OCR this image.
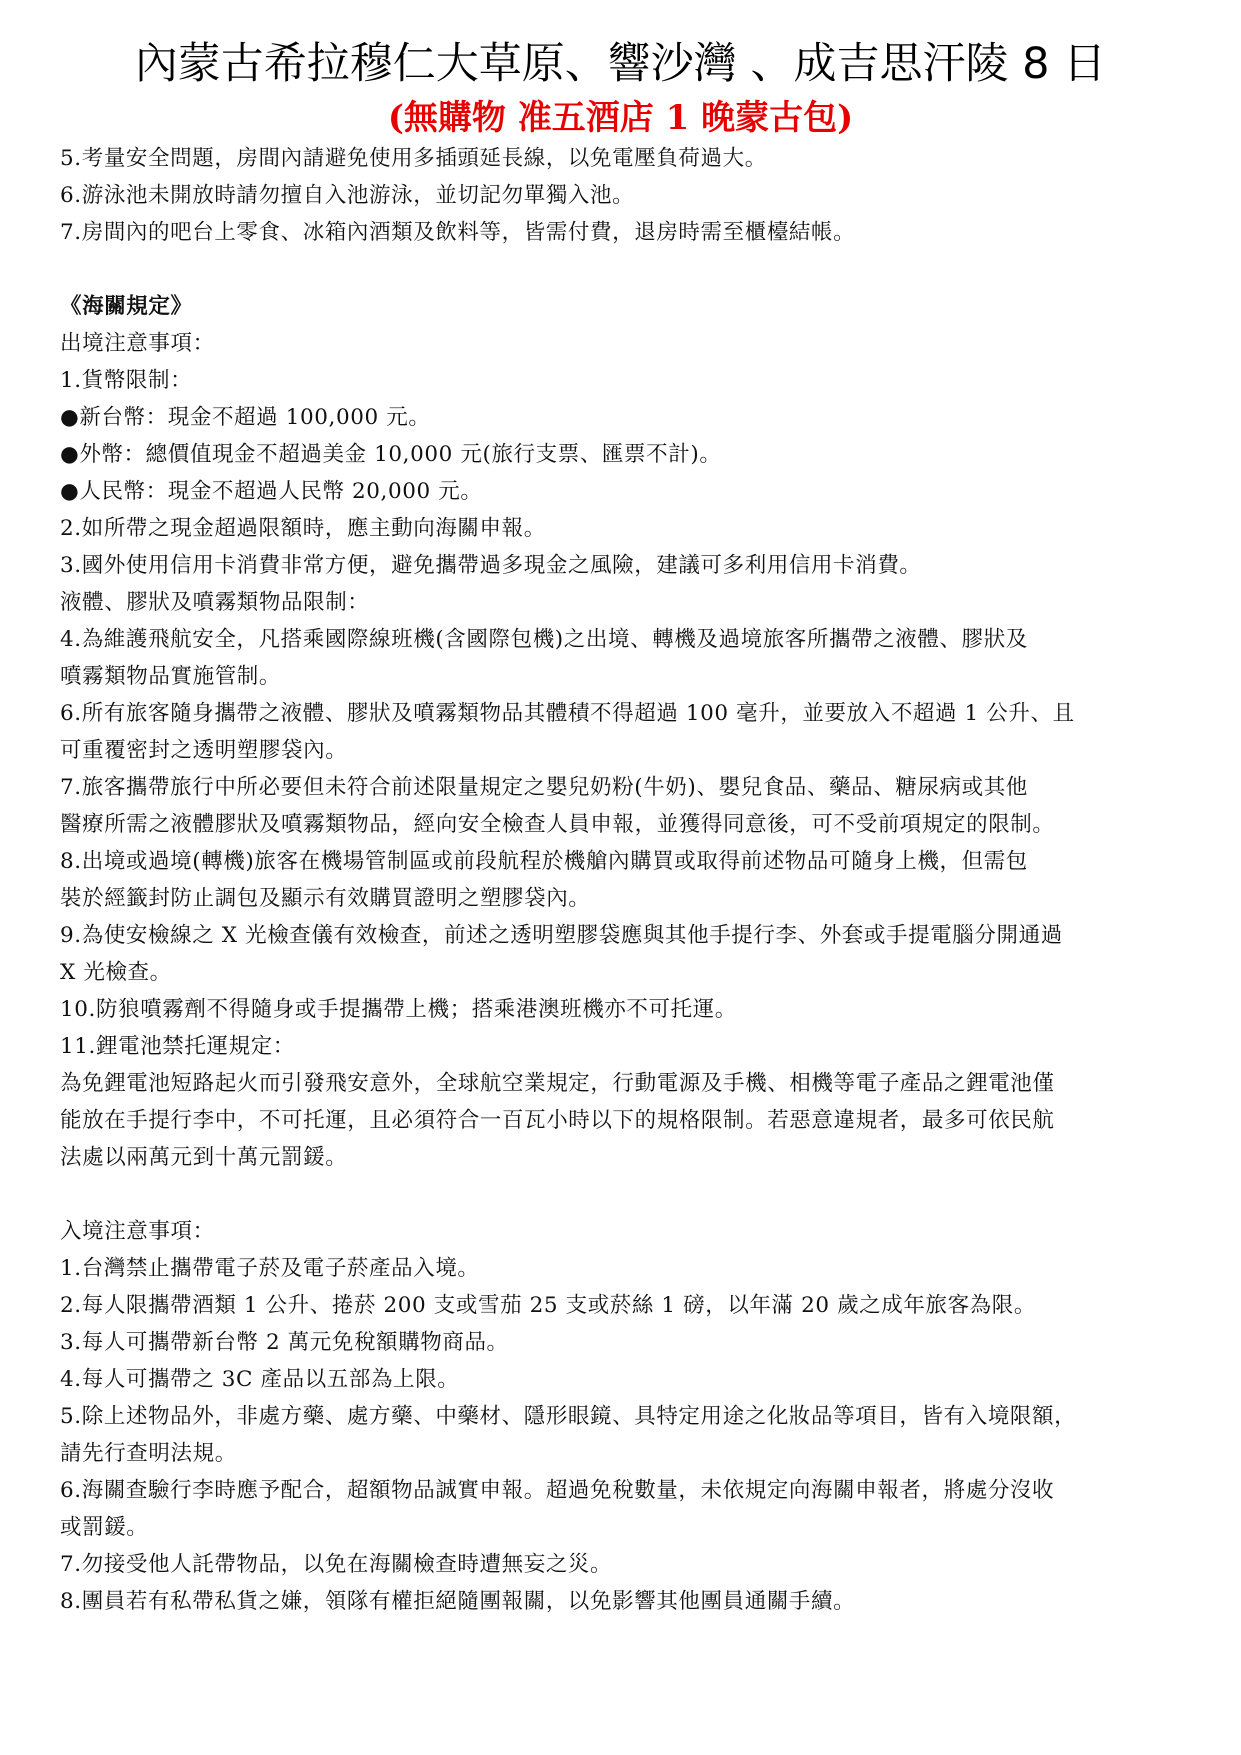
內蒙古希拉穆仁大草原、響沙灣 、成吉思汗陵 8 日
(無購物 准五酒店 1 晚蒙古包)
5.考量安全問題，房間內請避免使用多插頭延長線，以免電壓負荷過大。
6.游泳池未開放時請勿擅自入池游泳，並切記勿單獨入池。
7.房間內的吧台上零食、冰箱內酒類及飲料等，皆需付費，退房時需至櫃檯結帳。
《海關規定》
出境注意事項：
1.貨幣限制：
●新台幣：現金不超過 100,000 元。
●外幣：總價值現金不超過美金 10,000 元(旅行支票、匯票不計)。
●人民幣：現金不超過人民幣 20,000 元。
2.如所帶之現金超過限額時，應主動向海關申報。
3.國外使用信用卡消費非常方便，避免攜帶過多現金之風險，建議可多利用信用卡消費。
液體、膠狀及噴霧類物品限制：
4.為維護飛航安全，凡搭乘國際線班機(含國際包機)之出境、轉機及過境旅客所攜帶之液體、膠狀及
噴霧類物品實施管制。
6.所有旅客隨身攜帶之液體、膠狀及噴霧類物品其體積不得超過 100 毫升，並要放入不超過 1 公升、且
可重覆密封之透明塑膠袋內。
7.旅客攜帶旅行中所必要但未符合前述限量規定之嬰兒奶粉(牛奶)、嬰兒食品、藥品、糖尿病或其他
醫療所需之液體膠狀及噴霧類物品，經向安全檢查人員申報，並獲得同意後，可不受前項規定的限制。
8.出境或過境(轉機)旅客在機場管制區或前段航程於機艙內購買或取得前述物品可隨身上機，但需包
裝於經籤封防止調包及顯示有效購買證明之塑膠袋內。
9.為使安檢線之 X 光檢查儀有效檢查，前述之透明塑膠袋應與其他手提行李、外套或手提電腦分開通過
X 光檢查。
10.防狼噴霧劑不得隨身或手提攜帶上機；搭乘港澳班機亦不可托運。
11.鋰電池禁托運規定：
為免鋰電池短路起火而引發飛安意外，全球航空業規定，行動電源及手機、相機等電子產品之鋰電池僅
能放在手提行李中，不可托運，且必須符合一百瓦小時以下的規格限制。若惡意違規者，最多可依民航
法處以兩萬元到十萬元罰鍰。
入境注意事項：
1.台灣禁止攜帶電子菸及電子菸產品入境。
2.每人限攜帶酒類 1 公升、捲菸 200 支或雪茄 25 支或菸絲 1 磅，以年滿 20 歲之成年旅客為限。
3.每人可攜帶新台幣 2 萬元免稅額購物商品。
4.每人可攜帶之 3C 產品以五部為上限。
5.除上述物品外，非處方藥、處方藥、中藥材、隱形眼鏡、具特定用途之化妝品等項目，皆有入境限額，
請先行查明法規。
6.海關查驗行李時應予配合，超額物品誠實申報。超過免稅數量，未依規定向海關申報者，將處分沒收
或罰鍰。
7.勿接受他人託帶物品，以免在海關檢查時遭無妄之災。
8.團員若有私帶私貨之嫌，領隊有權拒絕隨團報關，以免影響其他團員通關手續。
